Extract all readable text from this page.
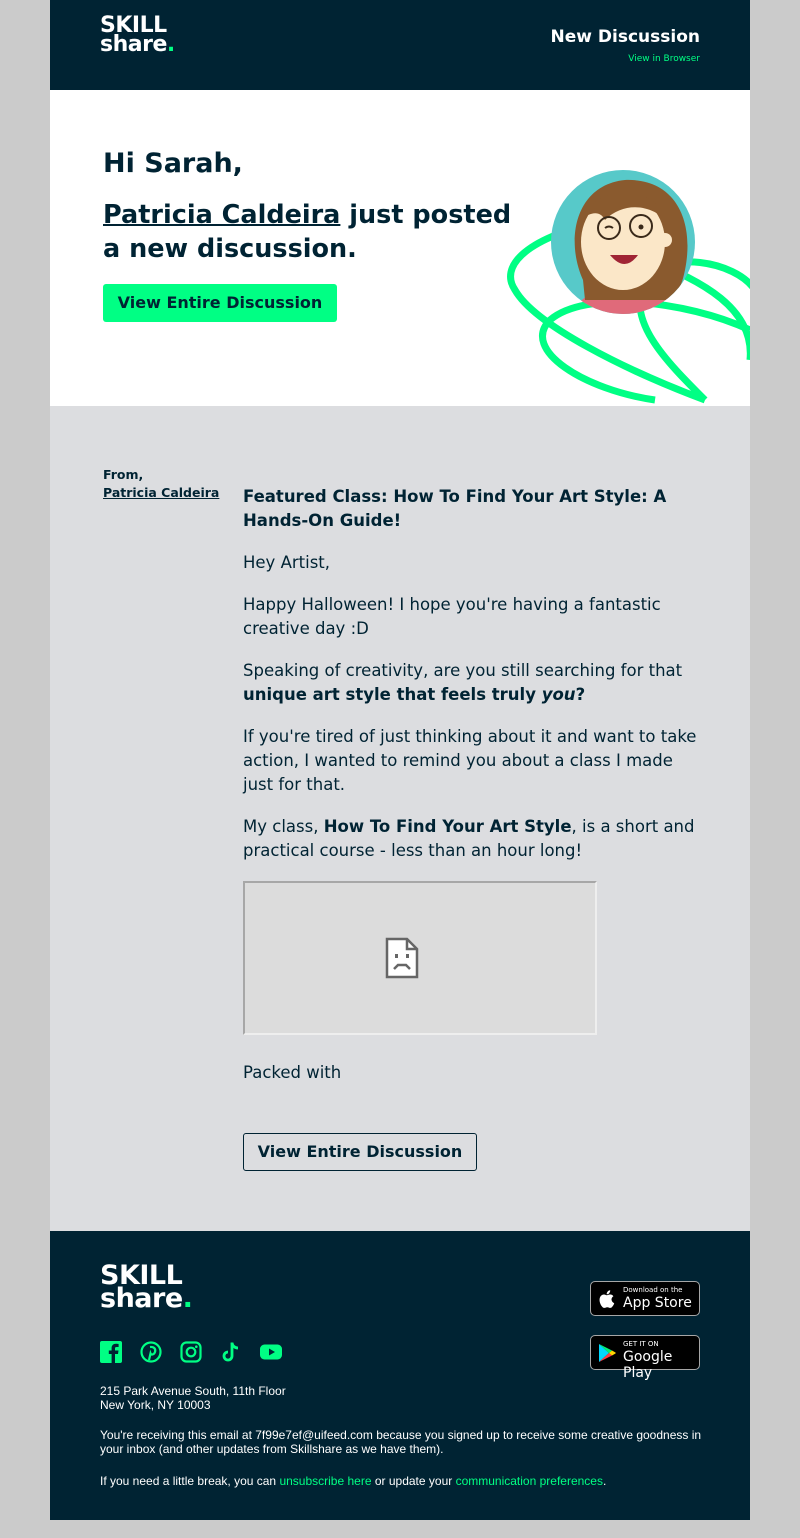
SKILL
share.	New Discussion
View in Browser
Hi Sarah,
Patricia Caldeira just posted a new discussion.
View Entire Discussion
From,
Patricia Caldeira Featured Class: How To Find Your Art Style: A Hands-On Guide!

Hey Artist,

Happy Halloween! I hope you're having a fantastic creative day :D

Speaking of creativity, are you still searching for that unique art style that feels truly you?

If you're tired of just thinking about it and want to take action, I wanted to remind you about a class I made just for that.

My class, How To Find Your Art Style, is a short and practical course - less than an hour long!

Packed with

View Entire Discussion
SKILL
share.	Download on the
App Store
GET IT ON
Google Play
215 Park Avenue South, 11th Floor
New York, NY 10003
You're receiving this email at 7f99e7ef@uifeed.com because you signed up to receive some creative goodness in your inbox (and other updates from Skillshare as we have them).
If you need a little break, you can unsubscribe here or update your communication preferences.
